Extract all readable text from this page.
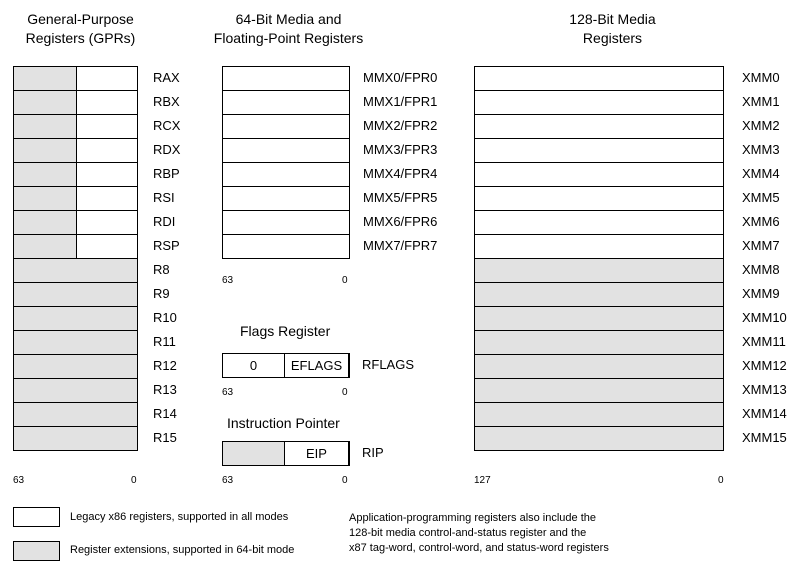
General-Purpose
Registers (GPRs)
64-Bit Media and
Floating-Point Registers
128-Bit Media
Registers
RAX
RBX
RCX
RDX
RBP
RSI
RDI
RSP
R8
R9
R10
R11
R12
R13
R14
R15
63	0
MMX0/FPR0
MMX1/FPR1
MMX2/FPR2
MMX3/FPR3
MMX4/FPR4
MMX5/FPR5
MMX6/FPR6
MMX7/FPR7
63	0
Flags Register
0	EFLAGS	RFLAGS
63	0
Instruction Pointer
EIP	RIP
63	0
XMM0
XMM1
XMM2
XMM3
XMM4
XMM5
XMM6
XMM7
XMM8
XMM9
XMM10
XMM11
XMM12
XMM13
XMM14
XMM15
127	0
Legacy x86 registers, supported in all modes
Register extensions, supported in 64-bit mode
Application-programming registers also include the
128-bit media control-and-status register and the
x87 tag-word, control-word, and status-word registers
